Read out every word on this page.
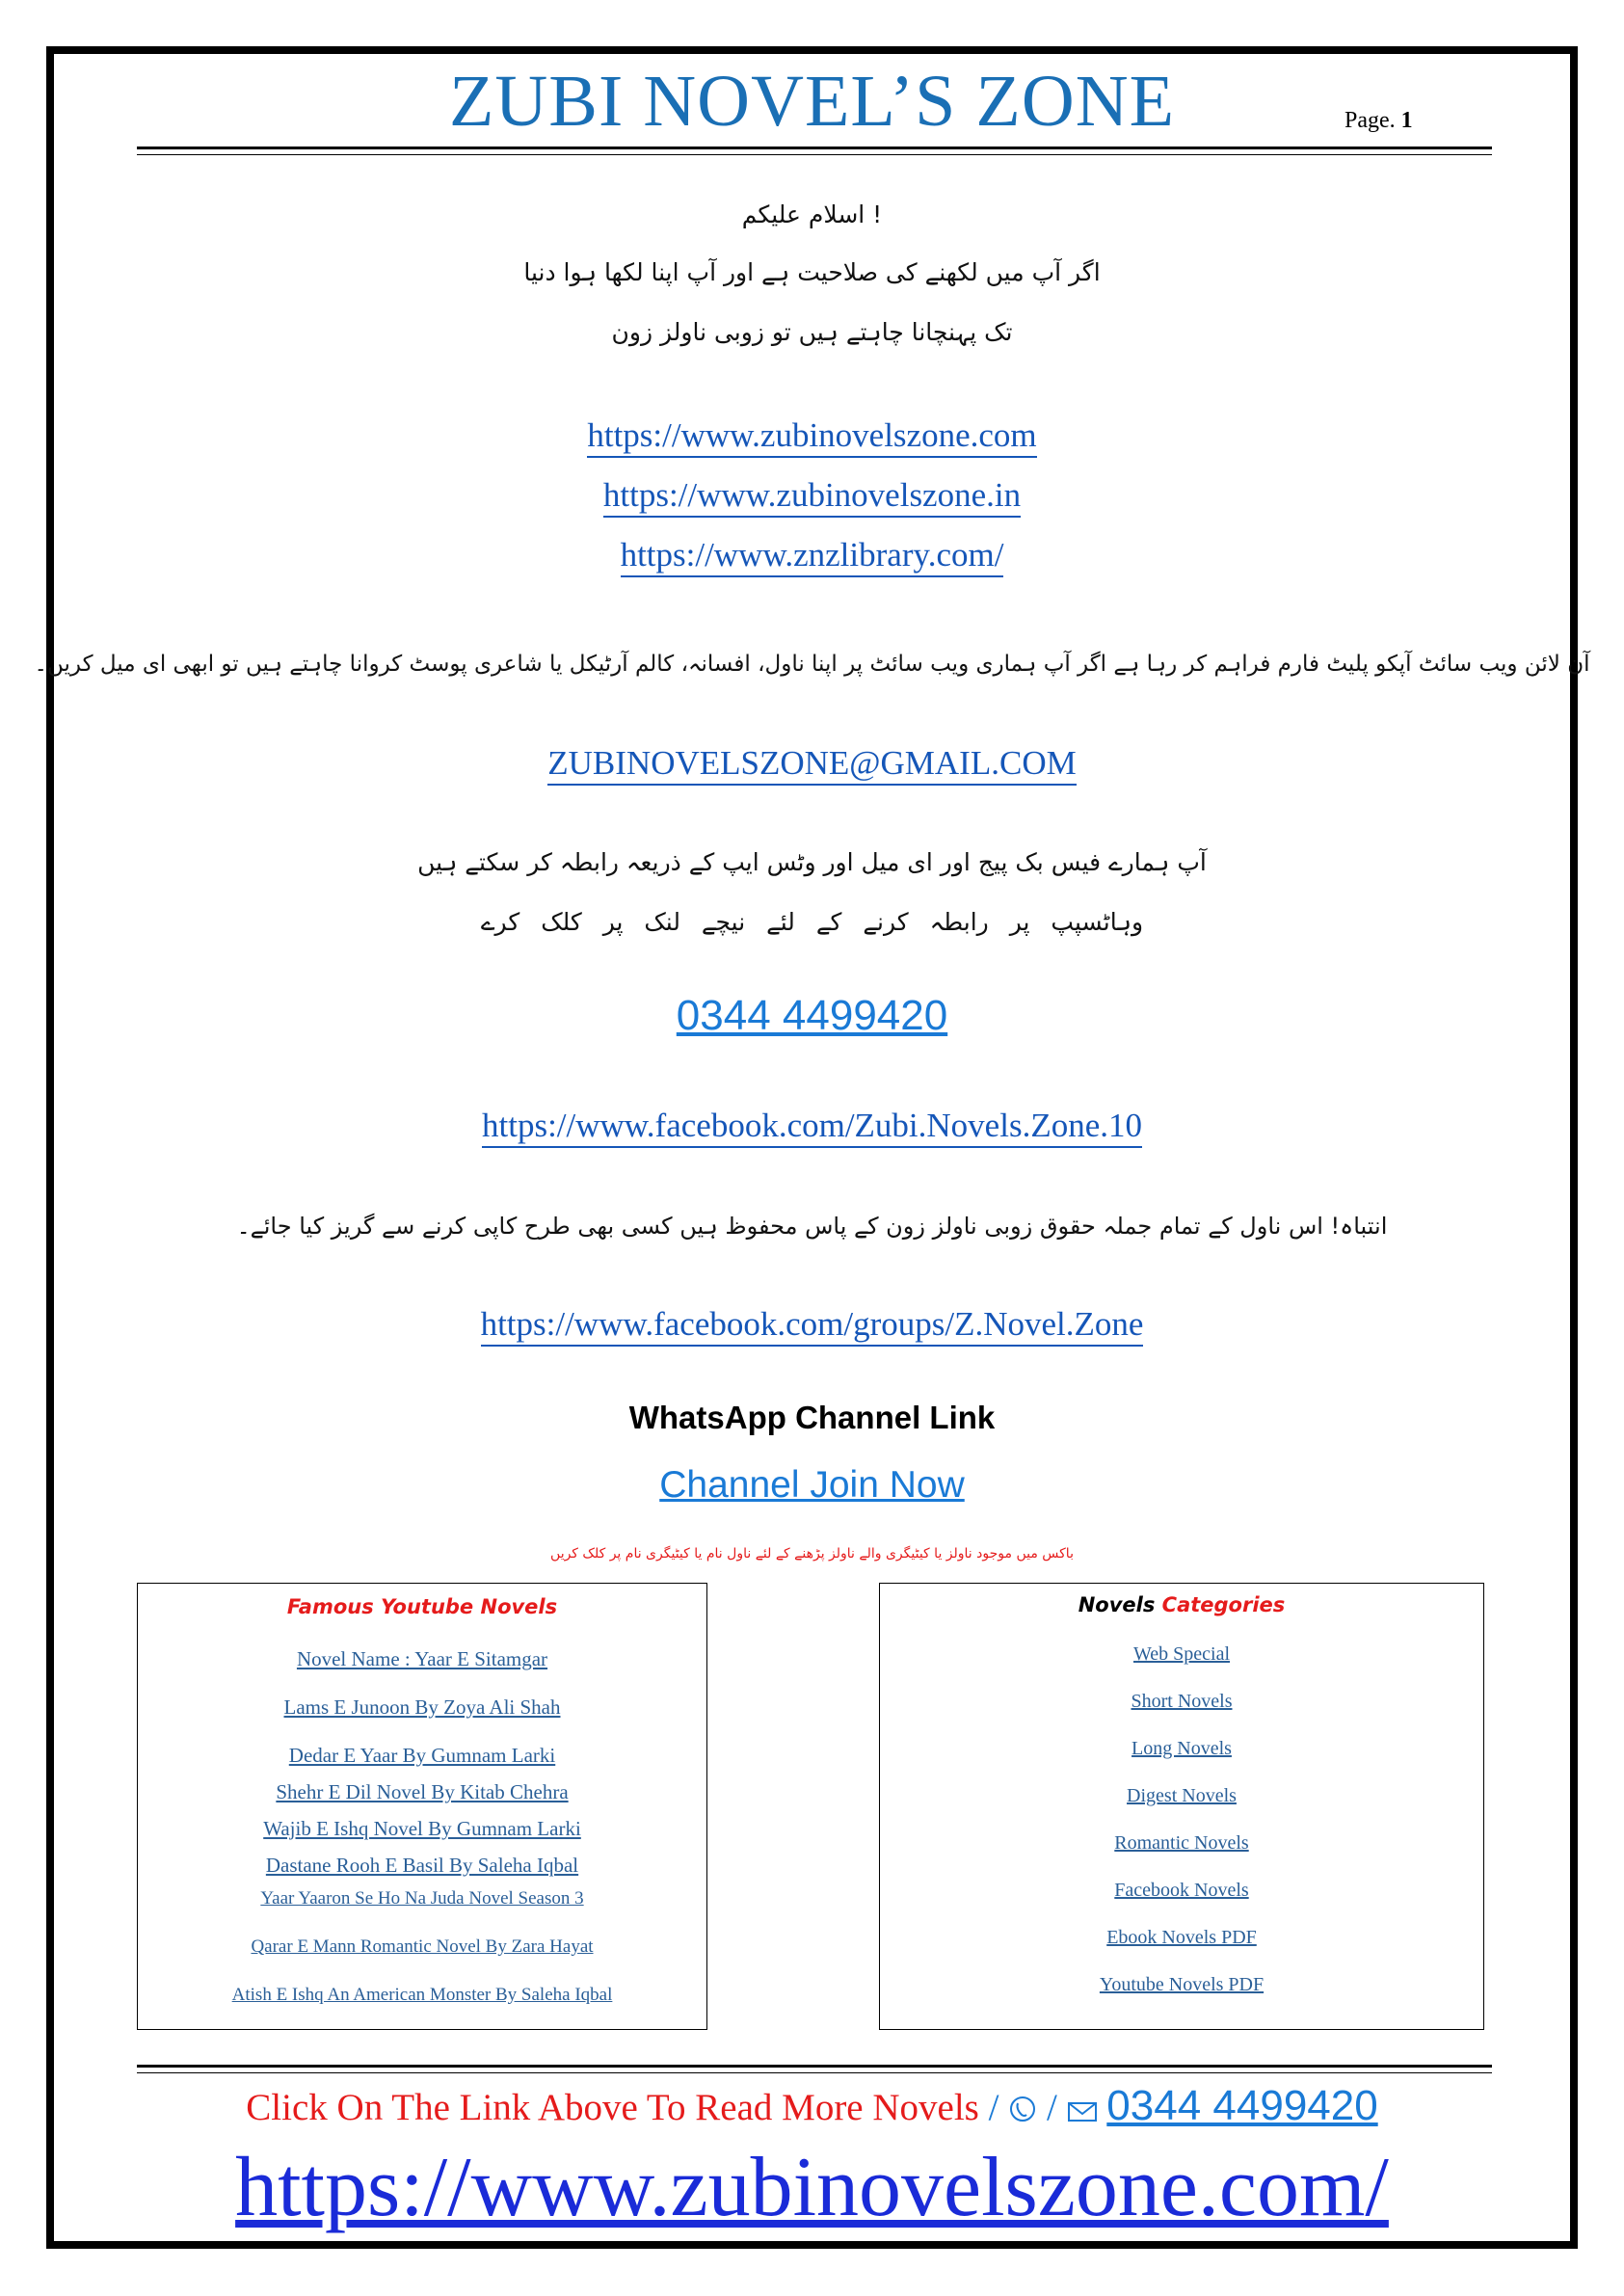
ZUBI NOVEL’S ZONE	Page. 1
! اسلام علیکم
اگر آپ میں لکھنے کی صلاحیت ہے اور آپ اپنا لکھا ہوا دنیا
تک پہنچانا چاہتے ہیں تو زوبی ناولز زون
https://www.zubinovelszone.com
https://www.zubinovelszone.in
https://www.znzlibrary.com/
آن لائن ویب سائٹ آپکو پلیٹ فارم فراہم کر رہا ہے اگر آپ ہماری ویب سائٹ پر اپنا ناول، افسانہ، کالم آرٹیکل یا شاعری پوسٹ کروانا چاہتے ہیں تو ابھی ای میل کریں۔
ZUBINOVELSZONE@GMAIL.COM
آپ ہمارے فیس بک پیج اور ای میل اور وٹس ایپ کے ذریعہ رابطہ کر سکتے ہیں
وہاٹسپپ پر رابطہ کرنے کے لئے نیچے لنک پر کلک کرے
0344 4499420
https://www.facebook.com/Zubi.Novels.Zone.10
انتباہ! اس ناول کے تمام جملہ حقوق زوبی ناولز زون کے پاس محفوظ ہیں کسی بھی طرح کاپی کرنے سے گریز کیا جائے۔
https://www.facebook.com/groups/Z.Novel.Zone
WhatsApp Channel Link
Channel Join Now
باکس میں موجود ناولز یا کیٹیگری والے ناولز پڑھنے کے لئے ناول نام یا کیٹیگری نام پر کلک کریں
Famous Youtube Novels
Novel Name : Yaar E Sitamgar
Lams E Junoon By Zoya Ali Shah
Dedar E Yaar By Gumnam Larki
Shehr E Dil Novel By Kitab Chehra
Wajib E Ishq Novel By Gumnam Larki
Dastane Rooh E Basil By Saleha Iqbal
Yaar Yaaron Se Ho Na Juda Novel Season 3
Qarar E Mann Romantic Novel By Zara Hayat
Atish E Ishq An American Monster By Saleha Iqbal
Novels Categories
Web Special
Short Novels
Long Novels
Digest Novels
Romantic Novels
Facebook Novels
Ebook Novels PDF
Youtube Novels PDF
Click On The Link Above To Read More Novels / / 0344 4499420
https://www.zubinovelszone.com/
